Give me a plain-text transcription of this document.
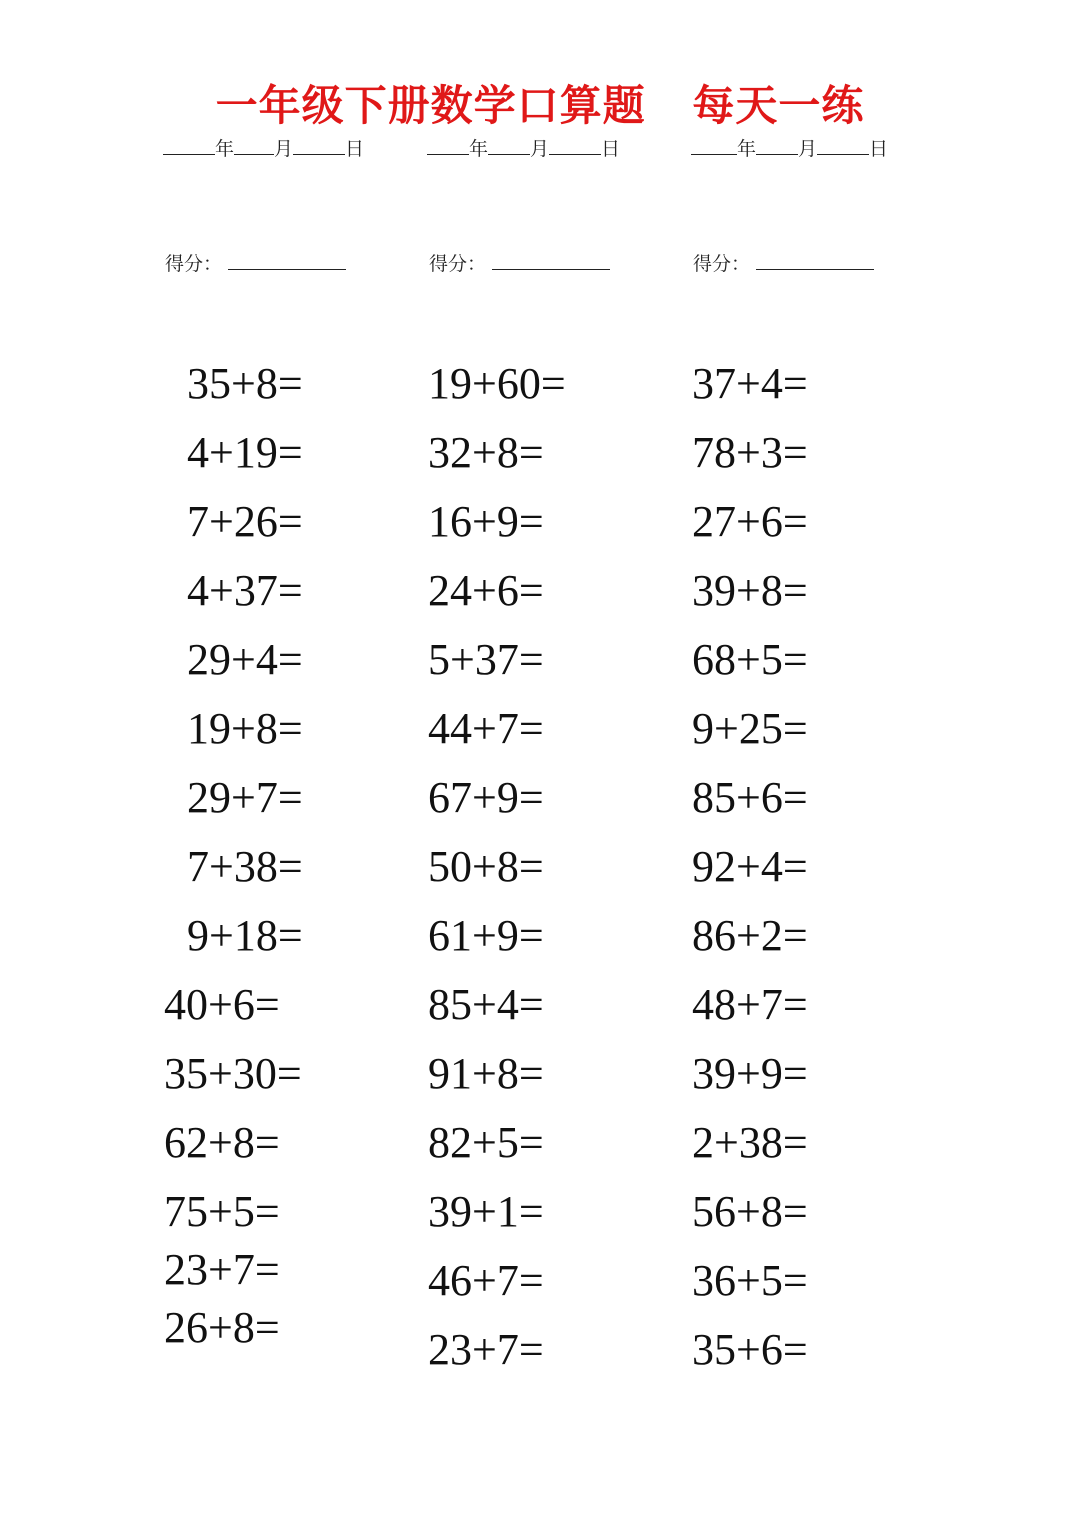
一年级下册数学口算题   每天一练
年 月	日	年 月	日	年 月	日
得分：	得分：	得分：
35+8=
4+19=
7+26=
4+37=
29+4=
19+8=
29+7=
7+38=
9+18=
40+6=
35+30=
62+8=
75+5=
23+7=
26+8=
19+60=
32+8=
16+9=
24+6=
5+37=
44+7=
67+9=
50+8=
61+9=
85+4=
91+8=
82+5=
39+1=
46+7=
23+7=
37+4=
78+3=
27+6=
39+8=
68+5=
9+25=
85+6=
92+4=
86+2=
48+7=
39+9=
2+38=
56+8=
36+5=
35+6=
